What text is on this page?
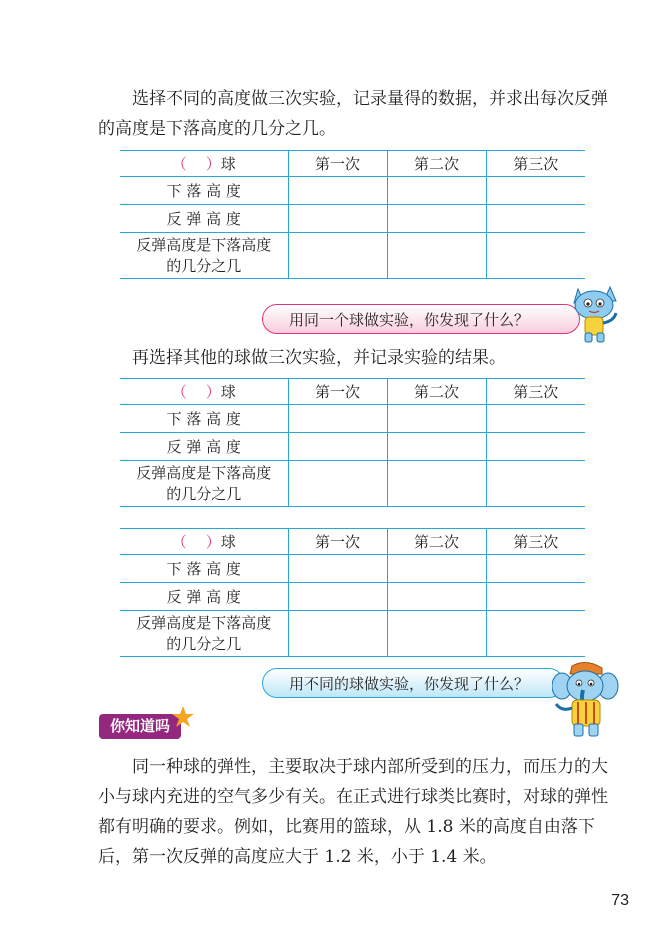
选择不同的高度做三次实验，记录量得的数据，并求出每次反弹的高度是下落高度的几分之几。

（ ）球	第一次	第二次	第三次
下 落 高 度			
反 弹 高 度			

反弹高度是下落高度
的几分之几			

用同一个球做实验，你发现了什么？

再选择其他的球做三次实验，并记录实验的结果。

（ ）球	第一次	第二次	第三次
下 落 高 度			
反 弹 高 度			

反弹高度是下落高度
的几分之几			

（ ）球	第一次	第二次	第三次
下 落 高 度			
反 弹 高 度			

反弹高度是下落高度
的几分之几			

用不同的球做实验，你发现了什么？
你知道吗

同一种球的弹性，主要取决于球内部所受到的压力，而压力的大小与球内充进的空气多少有关。在正式进行球类比赛时，对球的弹性都有明确的要求。例如，比赛用的篮球，从 1.8 米的高度自由落下后，第一次反弹的高度应大于 1.2 米，小于 1.4 米。

73
